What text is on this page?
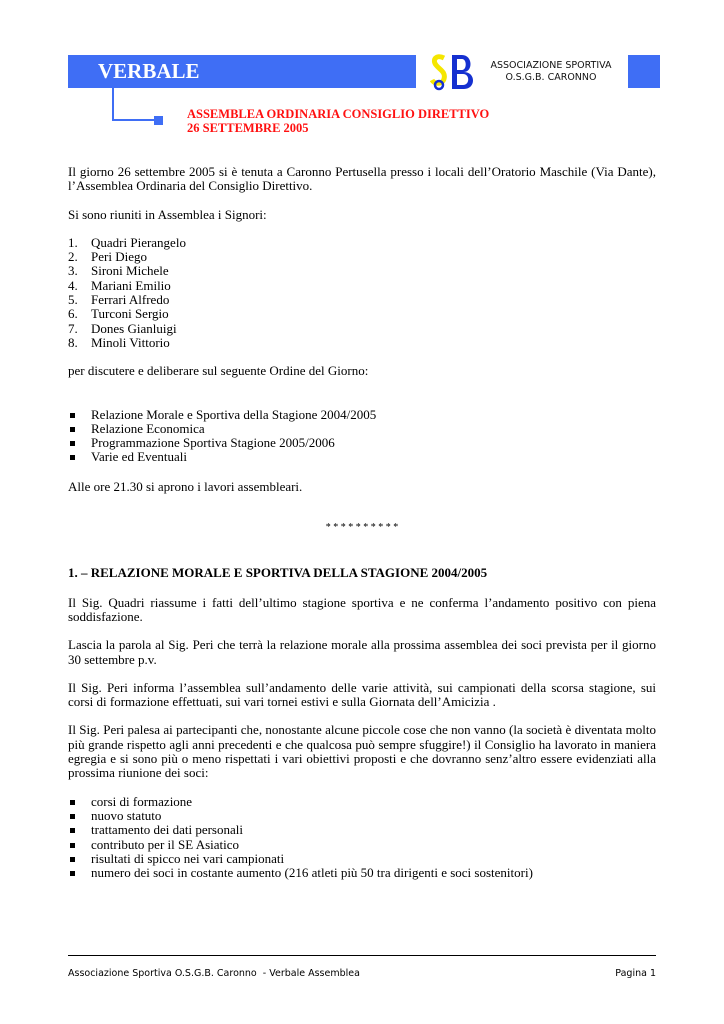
VERBALE	ASSOCIAZIONE SPORTIVA
O.S.G.B. CARONNO
ASSEMBLEA ORDINARIA CONSIGLIO DIRETTIVO
26 SETTEMBRE 2005
Il giorno 26 settembre 2005 si è tenuta a Caronno Pertusella presso i locali dell’Oratorio Maschile (Via Dante), l’Assemblea Ordinaria del Consiglio Direttivo.
Si sono riuniti in Assemblea i Signori:
1. Quadri Pierangelo
2. Peri Diego
3. Sironi Michele
4. Mariani Emilio
5. Ferrari Alfredo
6. Turconi Sergio
7. Dones Gianluigi
8. Minoli Vittorio
per discutere e deliberare sul seguente Ordine del Giorno:
Relazione Morale e Sportiva della Stagione 2004/2005
Relazione Economica
Programmazione Sportiva Stagione 2005/2006
Varie ed Eventuali
Alle ore 21.30 si aprono i lavori assembleari.
* * * * * * * * * *
1. – RELAZIONE MORALE E SPORTIVA DELLA STAGIONE 2004/2005
Il Sig. Quadri riassume i fatti dell’ultimo stagione sportiva e ne conferma l’andamento positivo con piena soddisfazione.
Lascia la parola al Sig. Peri che terrà la relazione morale alla prossima assemblea dei soci prevista per il giorno 30 settembre p.v.
Il Sig. Peri informa l’assemblea sull’andamento delle varie attività, sui campionati della scorsa stagione, sui corsi di formazione effettuati, sui vari tornei estivi e sulla Giornata dell’Amicizia .
Il Sig. Peri palesa ai partecipanti che, nonostante alcune piccole cose che non vanno (la società è diventata molto più grande rispetto agli anni precedenti e che qualcosa può sempre sfuggire!) il Consiglio ha lavorato in maniera egregia e si sono più o meno rispettati i vari obiettivi proposti e che dovranno senz’altro essere evidenziati alla prossima riunione dei soci:
corsi di formazione
nuovo statuto
trattamento dei dati personali
contributo per il SE Asiatico
risultati di spicco nei vari campionati
numero dei soci in costante aumento (216 atleti più 50 tra dirigenti e soci sostenitori)
Associazione Sportiva O.S.G.B. Caronno  - Verbale Assemblea	Pagina 1
